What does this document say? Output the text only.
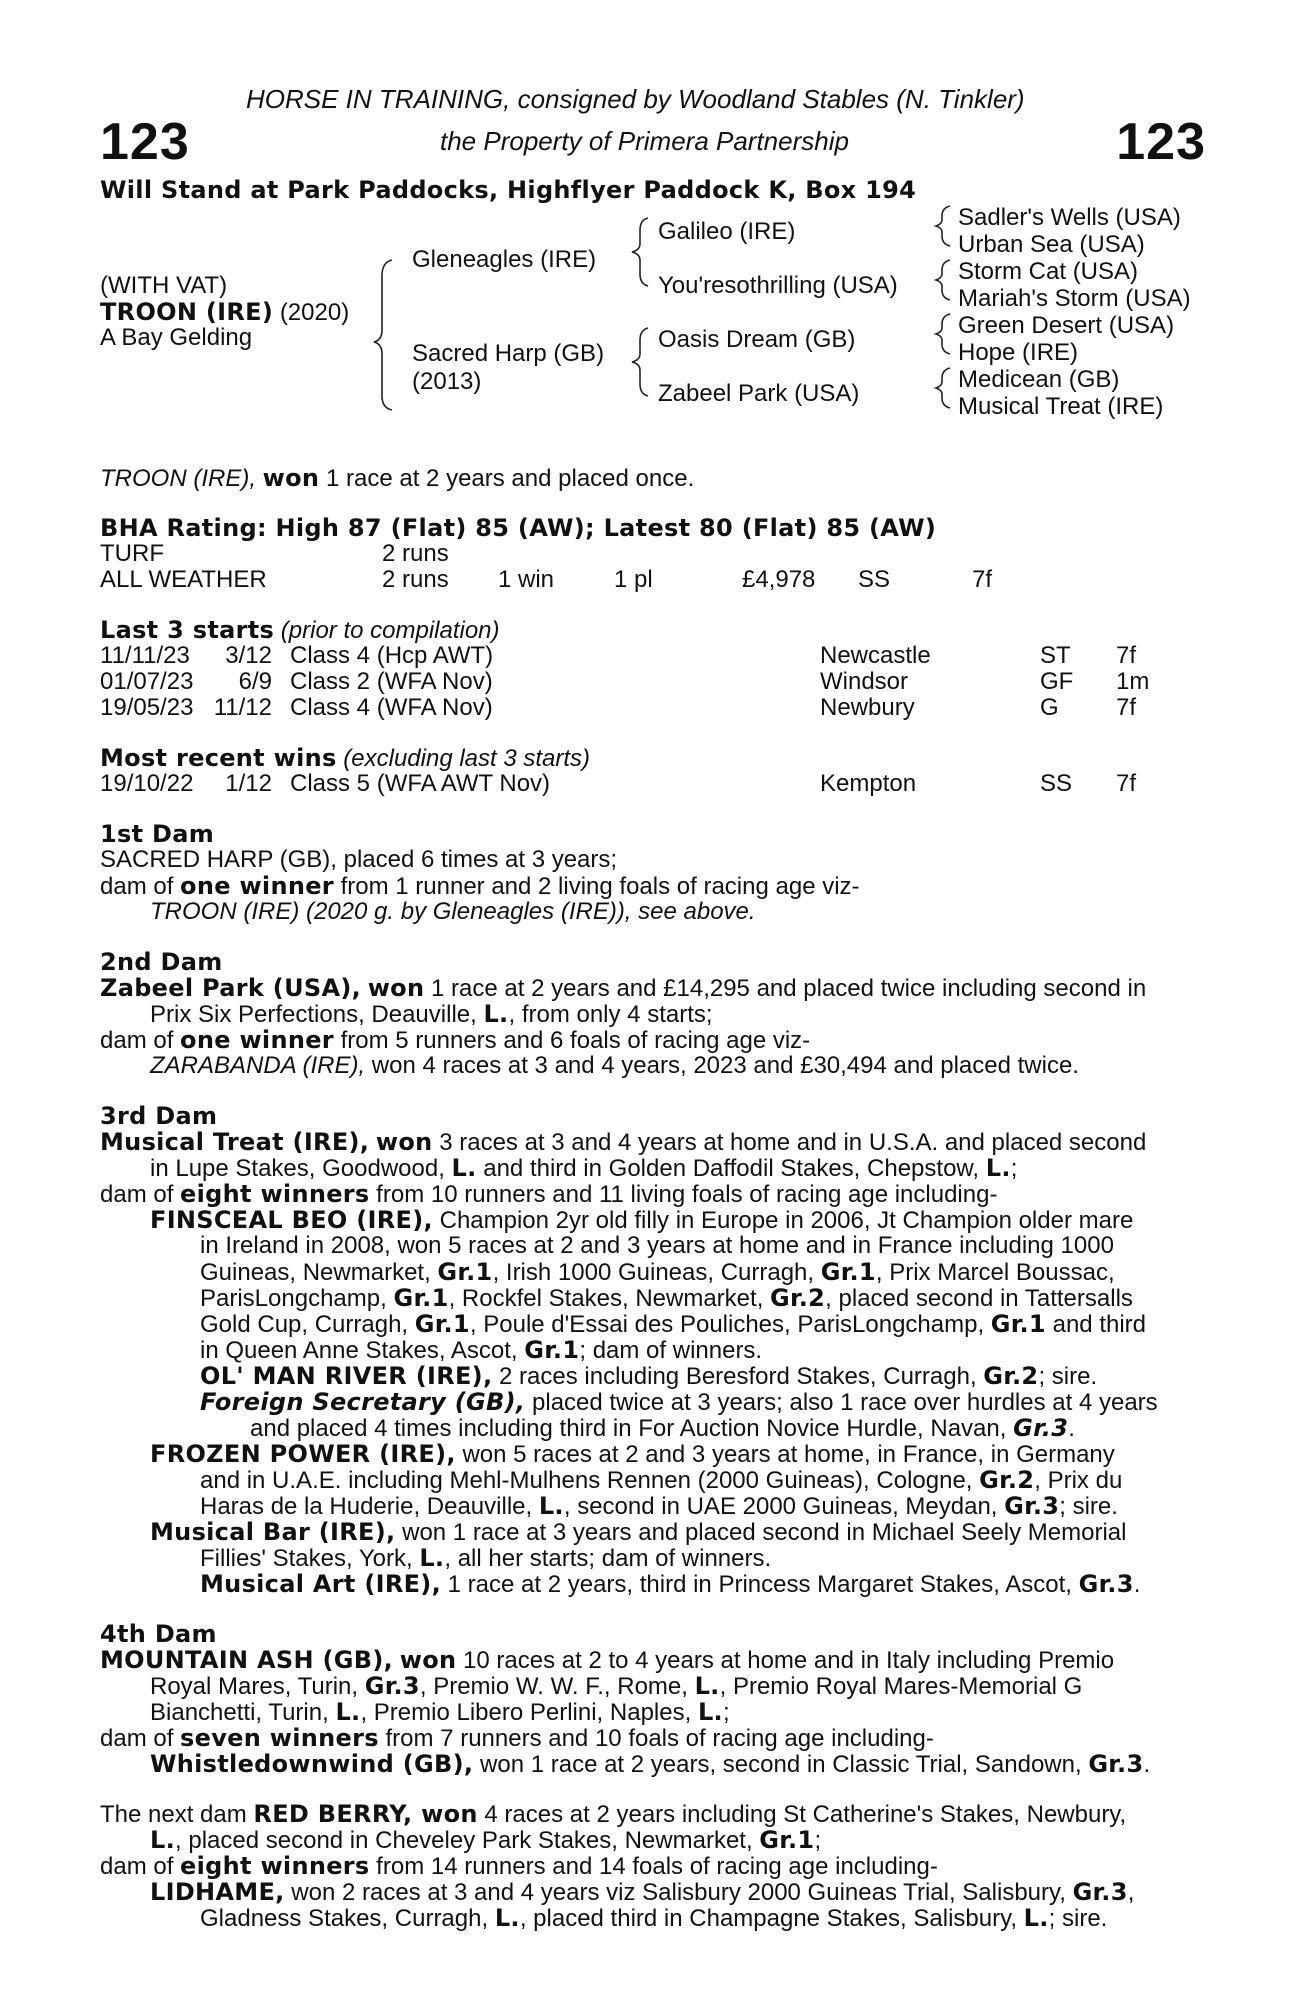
123	123
HORSE IN TRAINING, consigned by Woodland Stables (N. Tinkler)
the Property of Primera Partnership
Will Stand at Park Paddocks, Highflyer Paddock K, Box 194
(WITH VAT)
TROON (IRE) (2020)
A Bay Gelding
Gleneagles (IRE)
Sacred Harp (GB)
(2013)
Galileo (IRE)
You'resothrilling (USA)
Oasis Dream (GB)
Zabeel Park (USA)
Sadler's Wells (USA)
Urban Sea (USA)
Storm Cat (USA)
Mariah's Storm (USA)
Green Desert (USA)
Hope (IRE)
Medicean (GB)
Musical Treat (IRE)
TROON (IRE), won 1 race at 2 years and placed once.
BHA Rating: High 87 (Flat) 85 (AW); Latest 80 (Flat) 85 (AW)
TURF	2 runs
ALL WEATHER	2 runs 1 win 1 pl	£4,978 SS	7f
Last 3 starts (prior to compilation)
11/11/23 3/12 Class 4 (Hcp AWT)	Newcastle	ST 7f
01/07/23 6/9 Class 2 (WFA Nov)	Windsor	GF 1m
19/05/23 11/12 Class 4 (WFA Nov)	Newbury	G 7f
Most recent wins (excluding last 3 starts)
19/10/22 1/12 Class 5 (WFA AWT Nov)	Kempton	SS 7f
1st Dam
SACRED HARP (GB), placed 6 times at 3 years;
dam of one winner from 1 runner and 2 living foals of racing age viz-
TROON (IRE) (2020 g. by Gleneagles (IRE)), see above.
2nd Dam
Zabeel Park (USA), won 1 race at 2 years and £14,295 and placed twice including second in
Prix Six Perfections, Deauville, L., from only 4 starts;
dam of one winner from 5 runners and 6 foals of racing age viz-
ZARABANDA (IRE), won 4 races at 3 and 4 years, 2023 and £30,494 and placed twice.
3rd Dam
Musical Treat (IRE), won 3 races at 3 and 4 years at home and in U.S.A. and placed second
in Lupe Stakes, Goodwood, L. and third in Golden Daffodil Stakes, Chepstow, L.;
dam of eight winners from 10 runners and 11 living foals of racing age including-
FINSCEAL BEO (IRE), Champion 2yr old filly in Europe in 2006, Jt Champion older mare
in Ireland in 2008, won 5 races at 2 and 3 years at home and in France including 1000
Guineas, Newmarket, Gr.1, Irish 1000 Guineas, Curragh, Gr.1, Prix Marcel Boussac,
ParisLongchamp, Gr.1, Rockfel Stakes, Newmarket, Gr.2, placed second in Tattersalls
Gold Cup, Curragh, Gr.1, Poule d'Essai des Pouliches, ParisLongchamp, Gr.1 and third
in Queen Anne Stakes, Ascot, Gr.1; dam of winners.
OL' MAN RIVER (IRE), 2 races including Beresford Stakes, Curragh, Gr.2; sire.
Foreign Secretary (GB), placed twice at 3 years; also 1 race over hurdles at 4 years
and placed 4 times including third in For Auction Novice Hurdle, Navan, Gr.3.
FROZEN POWER (IRE), won 5 races at 2 and 3 years at home, in France, in Germany
and in U.A.E. including Mehl-Mulhens Rennen (2000 Guineas), Cologne, Gr.2, Prix du
Haras de la Huderie, Deauville, L., second in UAE 2000 Guineas, Meydan, Gr.3; sire.
Musical Bar (IRE), won 1 race at 3 years and placed second in Michael Seely Memorial
Fillies' Stakes, York, L., all her starts; dam of winners.
Musical Art (IRE), 1 race at 2 years, third in Princess Margaret Stakes, Ascot, Gr.3.
4th Dam
MOUNTAIN ASH (GB), won 10 races at 2 to 4 years at home and in Italy including Premio
Royal Mares, Turin, Gr.3, Premio W. W. F., Rome, L., Premio Royal Mares-Memorial G
Bianchetti, Turin, L., Premio Libero Perlini, Naples, L.;
dam of seven winners from 7 runners and 10 foals of racing age including-
Whistledownwind (GB), won 1 race at 2 years, second in Classic Trial, Sandown, Gr.3.
The next dam RED BERRY, won 4 races at 2 years including St Catherine's Stakes, Newbury,
L., placed second in Cheveley Park Stakes, Newmarket, Gr.1;
dam of eight winners from 14 runners and 14 foals of racing age including-
LIDHAME, won 2 races at 3 and 4 years viz Salisbury 2000 Guineas Trial, Salisbury, Gr.3,
Gladness Stakes, Curragh, L., placed third in Champagne Stakes, Salisbury, L.; sire.
